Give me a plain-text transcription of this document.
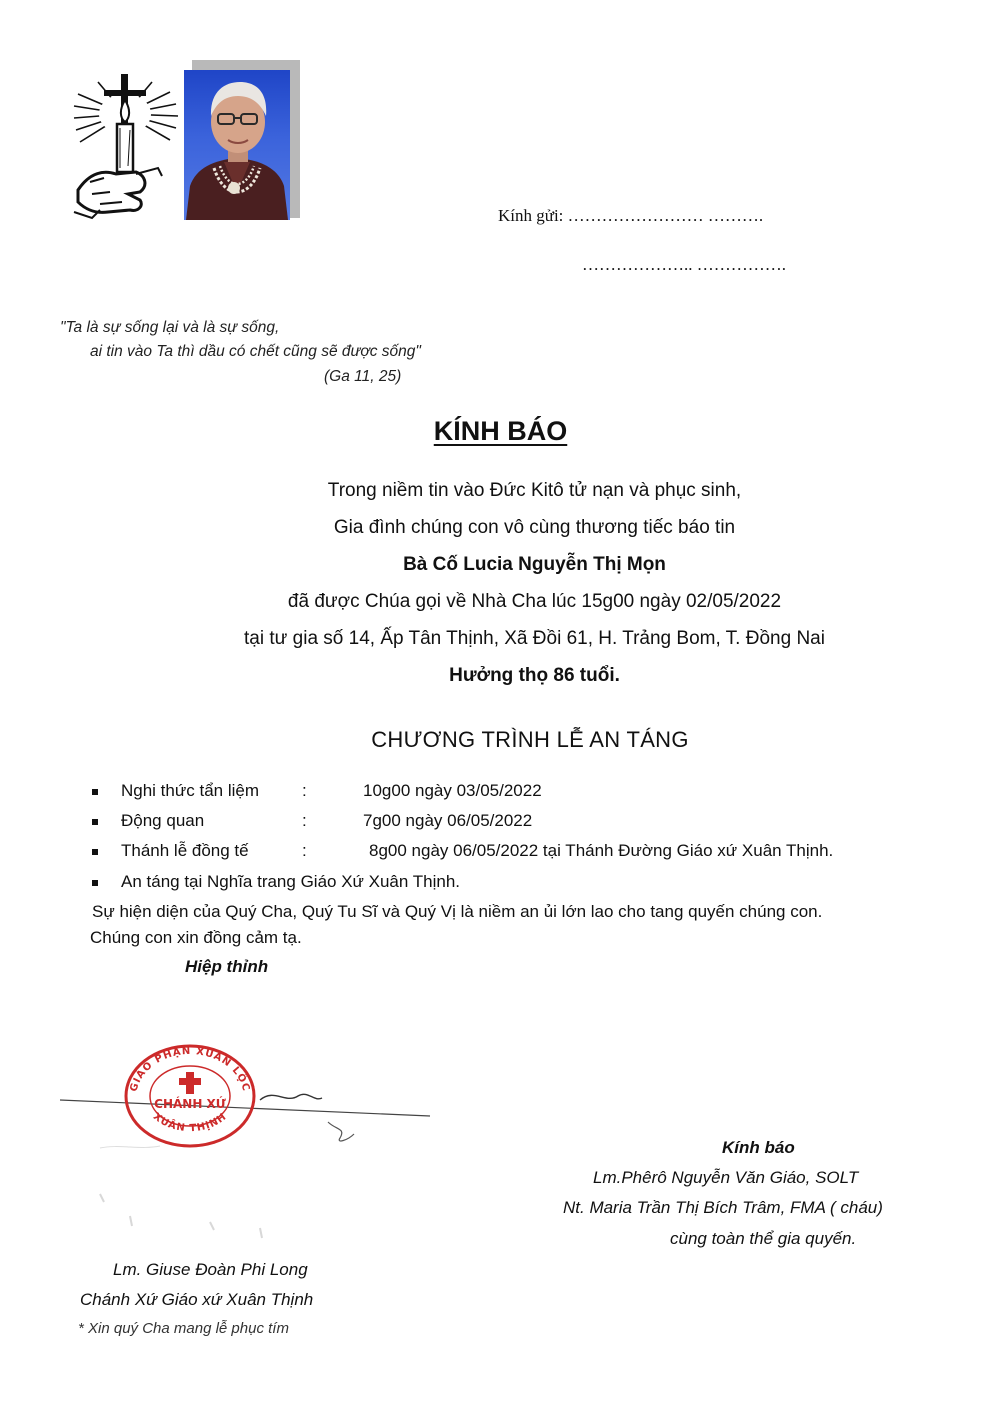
Kính gửi: …………………… ……….
……………….. …………….
"Ta là sự sống lại và là sự sống,
ai tin vào Ta thì dầu có chết cũng sẽ được sống"
(Ga 11, 25)
KÍNH BÁO
Trong niềm tin vào Đức Kitô tử nạn và phục sinh,
Gia đình chúng con vô cùng thương tiếc báo tin
Bà Cố Lucia Nguyễn Thị Mọn
đã được Chúa gọi về Nhà Cha lúc 15g00 ngày 02/05/2022
tại tư gia số 14, Ấp Tân Thịnh, Xã Đồi 61, H. Trảng Bom, T. Đồng Nai
Hưởng thọ 86 tuổi.
CHƯƠNG TRÌNH LỄ AN TÁNG
Nghi thức tẩn liệm	:	10g00 ngày 03/05/2022
Động quan	:	7g00 ngày 06/05/2022
Thánh lễ đồng tế	:	8g00 ngày 06/05/2022 tại Thánh Đường Giáo xứ Xuân Thịnh.
An táng tại Nghĩa trang Giáo Xứ Xuân Thịnh.
Sự hiện diện của Quý Cha, Quý Tu Sĩ và Quý Vị là niềm an ủi lớn lao cho tang quyến chúng con.
Chúng con xin đồng cảm tạ.
Hiệp thỉnh
GIÁO PHẬN XUÂN LỘC
XUÂN THỊNH
CHÁNH XỨ
Kính báo
Lm.Phêrô Nguyễn Văn Giáo, SOLT
Nt. Maria Trần Thị Bích Trâm, FMA ( cháu)
cùng toàn thể gia quyến.
Lm. Giuse Đoàn Phi Long
Chánh Xứ Giáo xứ Xuân Thịnh
* Xin quý Cha mang lễ phục tím
